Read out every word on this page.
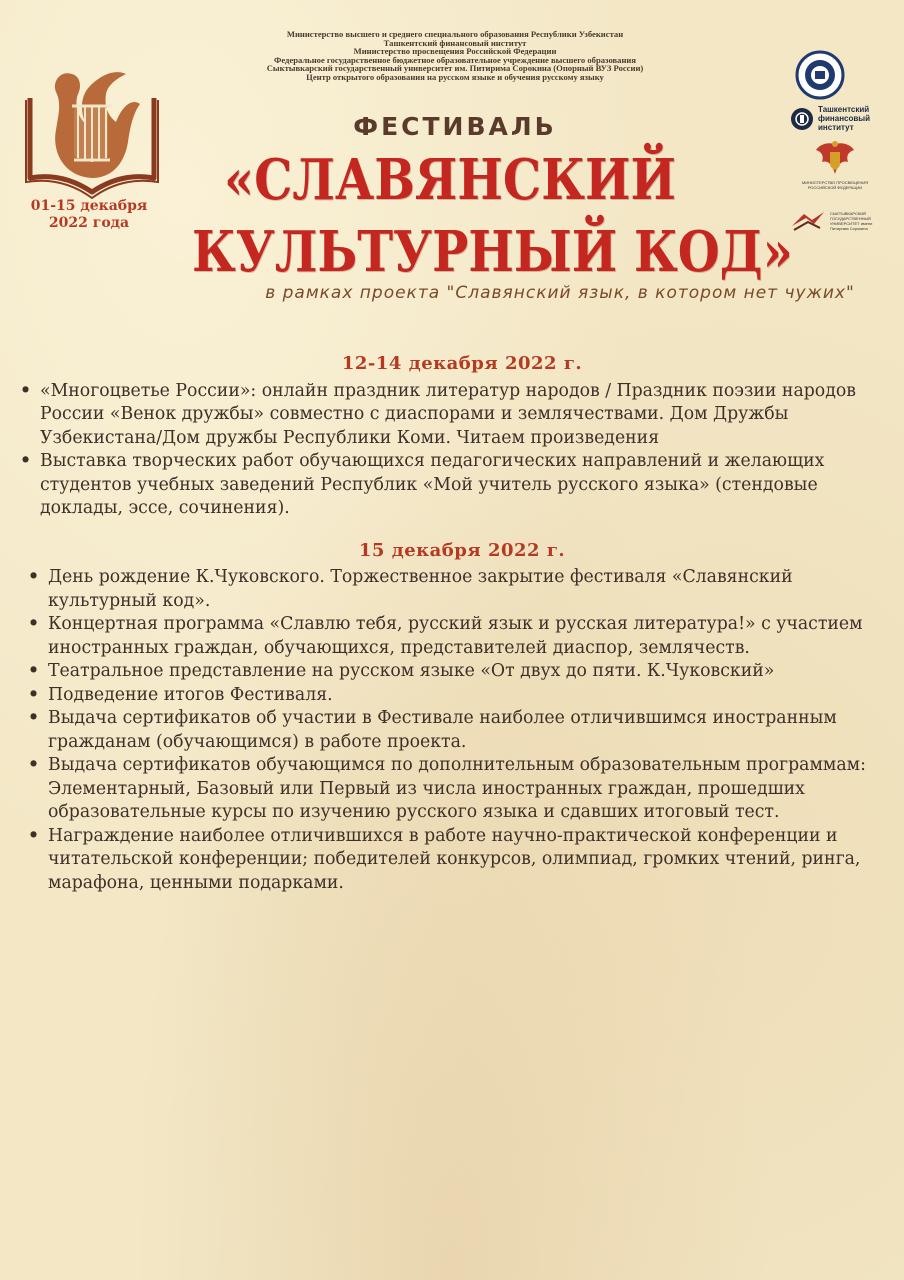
Министерство высшего и среднего специального образования Республики Узбекистан
Ташкентский финансовый институт
Министерство просвещения Российской Федерации
Федеральное государственное бюджетное образовательное учреждение высшего образования
Сыктывкарский государственный университет им. Питирима Сорокина (Опорный ВУЗ России)
Центр открытого образования на русском языке и обучения русскому языку
01-15 декабря
2022 года
ФЕСТИВАЛЬ
«СЛАВЯНСКИЙ
КУЛЬТУРНЫЙ КОД»
в рамках проекта "Славянский язык, в котором нет чужих"
Ташкентский
финансовый
институт
МИНИСТЕРСТВО ПРОСВЕЩЕНИЯ РОССИЙСКОЙ ФЕДЕРАЦИИ
СЫКТЫВКАРСКИЙ ГОСУДАРСТВЕННЫЙ УНИВЕРСИТЕТ имени Питирима Сорокина
12-14 декабря 2022 г.
• «Многоцветье России»: онлайн праздник литератур народов / Праздник поэзии народов России «Венок дружбы» совместно с диаспорами и землячествами. Дом Дружбы Узбекистана/Дом дружбы Республики Коми. Читаем произведения
• Выставка творческих работ обучающихся педагогических направлений и желающих студентов учебных заведений Республик «Мой учитель русского языка» (стендовые доклады, эссе, сочинения).
15 декабря 2022 г.
• День рождение К.Чуковского. Торжественное закрытие фестиваля «Славянский культурный код».
• Концертная программа «Славлю тебя, русский язык и русская литература!» с участием иностранных граждан, обучающихся, представителей диаспор, землячеств.
• Театральное представление на русском языке «От двух до пяти. К.Чуковский»
• Подведение итогов Фестиваля.
• Выдача сертификатов об участии в Фестивале наиболее отличившимся иностранным гражданам (обучающимся) в работе проекта.
• Выдача сертификатов обучающимся по дополнительным образовательным программам: Элементарный, Базовый или Первый из числа иностранных граждан, прошедших образовательные курсы по изучению русского языка и сдавших итоговый тест.
• Награждение наиболее отличившихся в работе научно-практической конференции и читательской конференции; победителей конкурсов, олимпиад, громких чтений, ринга, марафона, ценными подарками.
